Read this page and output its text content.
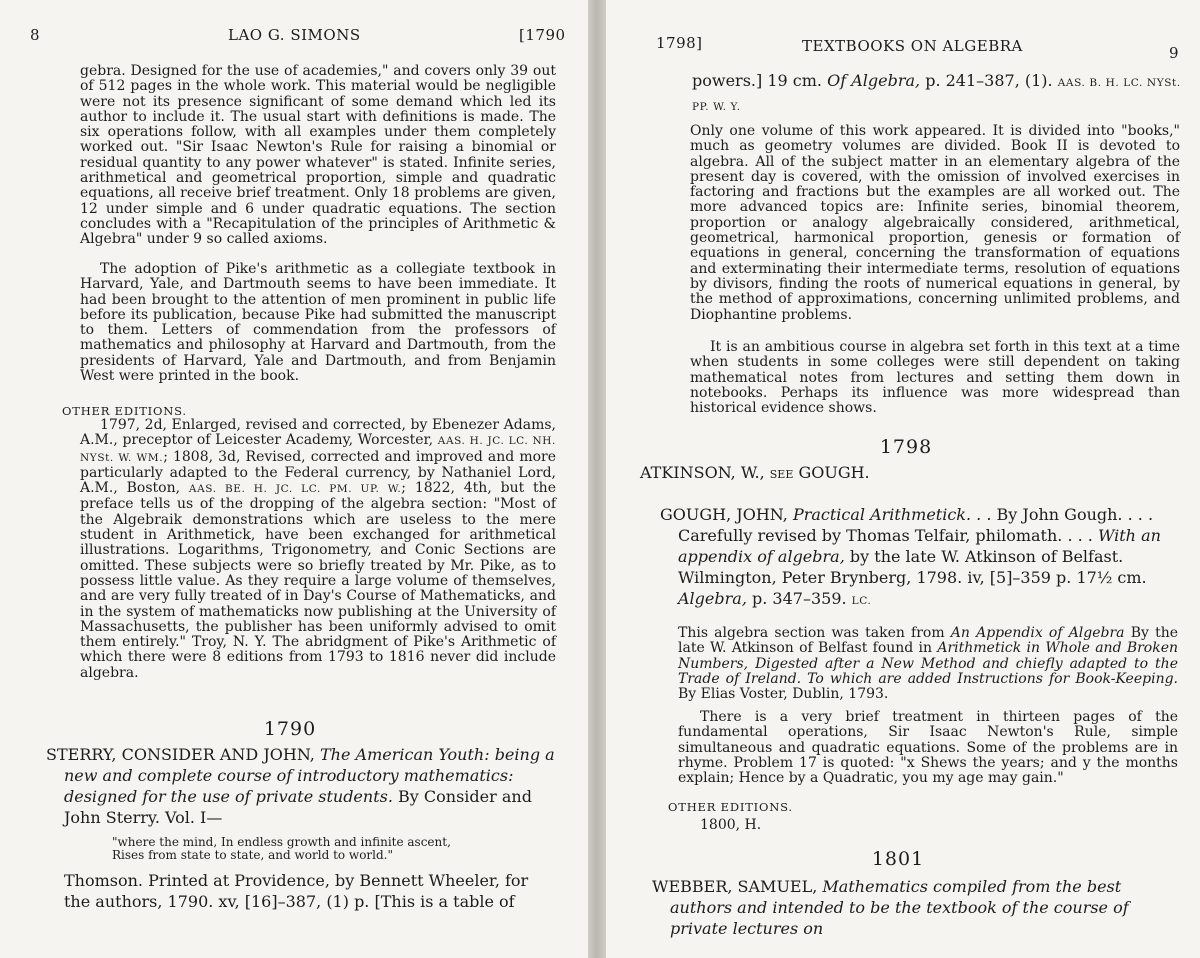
8	LAO G. SIMONS	[1790

gebra. Designed for the use of academies," and covers only 39 out of 512 pages in the whole work. This material would be negligible were not its presence significant of some demand which led its author to include it. The usual start with definitions is made. The six operations follow, with all examples under them completely worked out. "Sir Isaac Newton's Rule for raising a binomial or residual quantity to any power whatever" is stated. Infinite series, arithmetical and geometrical proportion, simple and quadratic equations, all receive brief treatment. Only 18 problems are given, 12 under simple and 6 under quadratic equations. The section concludes with a "Recapitulation of the principles of Arithmetic & Algebra" under 9 so called axioms.

The adoption of Pike's arithmetic as a collegiate textbook in Harvard, Yale, and Dartmouth seems to have been immediate. It had been brought to the attention of men prominent in public life before its publication, because Pike had submitted the manuscript to them. Letters of commendation from the professors of mathematics and philosophy at Harvard and Dartmouth, from the presidents of Harvard, Yale and Dartmouth, and from Benjamin West were printed in the book.

OTHER EDITIONS.

1797, 2d, Enlarged, revised and corrected, by Ebenezer Adams, A.M., preceptor of Leicester Academy, Worcester, AAS. H. JC. LC. NH. NYSt. W. WM.; 1808, 3d, Revised, corrected and improved and more particularly adapted to the Federal currency, by Nathaniel Lord, A.M., Boston, AAS. BE. H. JC. LC. PM. UP. W.; 1822, 4th, but the preface tells us of the dropping of the algebra section: "Most of the Algebraik demonstrations which are useless to the mere student in Arithmetick, have been exchanged for arithmetical illustrations. Logarithms, Trigonometry, and Conic Sections are omitted. These subjects were so briefly treated by Mr. Pike, as to possess little value. As they require a large volume of themselves, and are very fully treated of in Day's Course of Mathematicks, and in the system of mathematicks now publishing at the University of Massachusetts, the publisher has been uniformly advised to omit them entirely." Troy, N. Y. The abridgment of Pike's Arithmetic of which there were 8 editions from 1793 to 1816 never did include algebra.

1790

STERRY, CONSIDER AND JOHN, The American Youth: being a new and complete course of introductory mathematics: designed for the use of private students. By Consider and John Sterry. Vol. I—

"where the mind, In endless growth and infinite ascent,
Rises from state to state, and world to world."

Thomson. Printed at Providence, by Bennett Wheeler, for the authors, 1790. xv, [16]–387, (1) p. [This is a table of

1798]	TEXTBOOKS ON ALGEBRA	9

powers.] 19 cm. Of Algebra, p. 241–387, (1). AAS. B. H. LC. NYSt. PP. W. Y.

Only one volume of this work appeared. It is divided into "books," much as geometry volumes are divided. Book II is devoted to algebra. All of the subject matter in an elementary algebra of the present day is covered, with the omission of involved exercises in factoring and fractions but the examples are all worked out. The more advanced topics are: Infinite series, binomial theorem, proportion or analogy algebraically considered, arithmetical, geometrical, harmonical proportion, genesis or formation of equations in general, concerning the transformation of equations and exterminating their intermediate terms, resolution of equations by divisors, finding the roots of numerical equations in general, by the method of approximations, concerning unlimited problems, and Diophantine problems.

It is an ambitious course in algebra set forth in this text at a time when students in some colleges were still dependent on taking mathematical notes from lectures and setting them down in notebooks. Perhaps its influence was more widespread than historical evidence shows.

1798

ATKINSON, W., see GOUGH.

GOUGH, JOHN, Practical Arithmetick. . . By John Gough. . . . Carefully revised by Thomas Telfair, philomath. . . . With an appendix of algebra, by the late W. Atkinson of Belfast. Wilmington, Peter Brynberg, 1798. iv, [5]–359 p. 17½ cm. Algebra, p. 347–359. LC.

This algebra section was taken from An Appendix of Algebra By the late W. Atkinson of Belfast found in Arithmetick in Whole and Broken Numbers, Digested after a New Method and chiefly adapted to the Trade of Ireland. To which are added Instructions for Book-Keeping. By Elias Voster, Dublin, 1793.

There is a very brief treatment in thirteen pages of the fundamental operations, Sir Isaac Newton's Rule, simple simultaneous and quadratic equations. Some of the problems are in rhyme. Problem 17 is quoted: "x Shews the years; and y the months explain; Hence by a Quadratic, you my age may gain."

OTHER EDITIONS.

1800, H.

1801

WEBBER, SAMUEL, Mathematics compiled from the best authors and intended to be the textbook of the course of private lectures on
